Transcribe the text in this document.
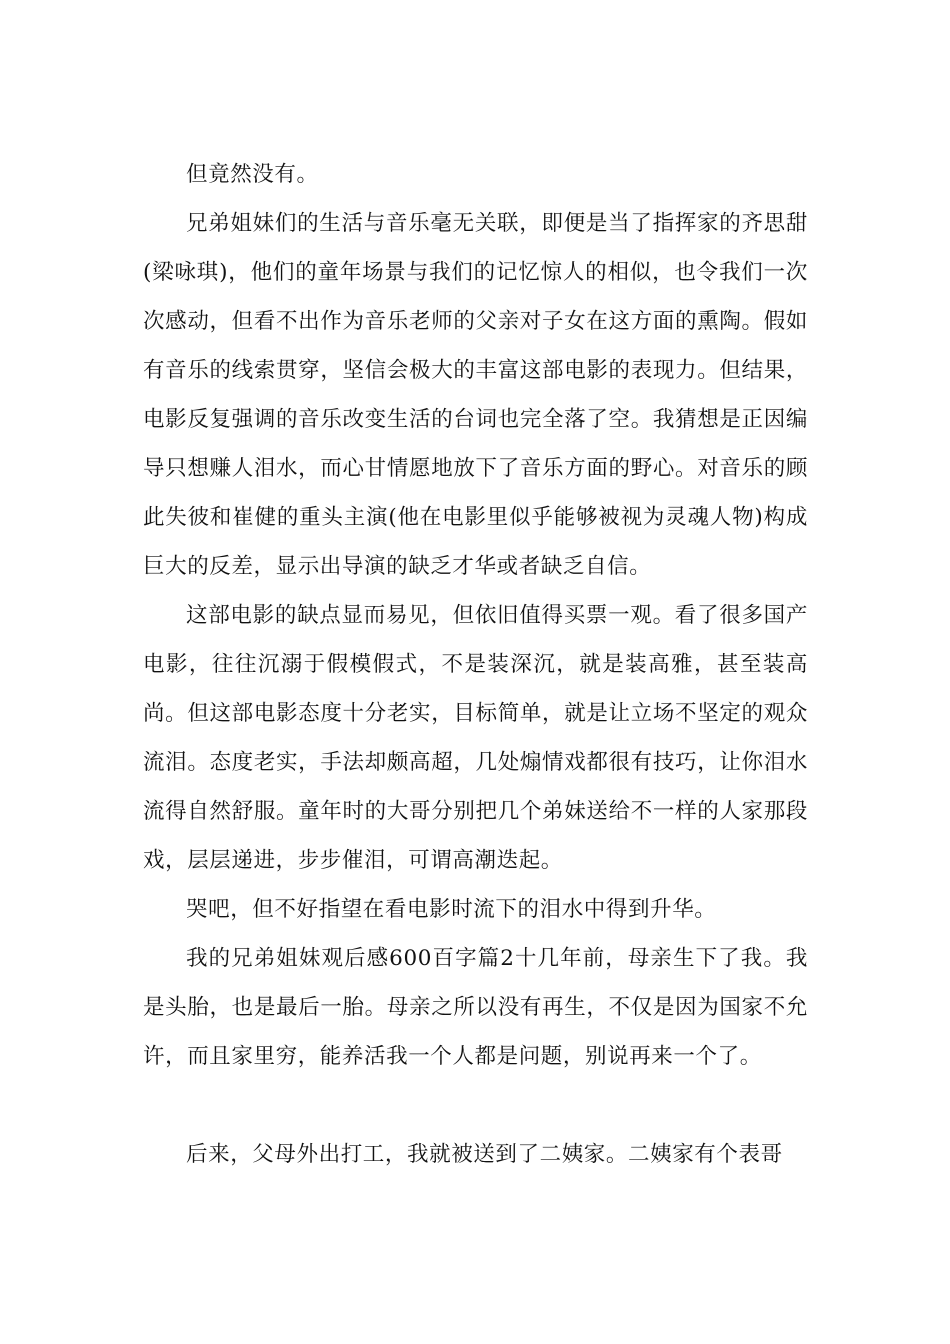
但竟然没有。

兄弟姐妹们的生活与音乐毫无关联，即便是当了指挥家的齐思甜(梁咏琪)，他们的童年场景与我们的记忆惊人的相似，也令我们一次次感动，但看不出作为音乐老师的父亲对子女在这方面的熏陶。假如有音乐的线索贯穿，坚信会极大的丰富这部电影的表现力。但结果，电影反复强调的音乐改变生活的台词也完全落了空。我猜想是正因编导只想赚人泪水，而心甘情愿地放下了音乐方面的野心。对音乐的顾此失彼和崔健的重头主演(他在电影里似乎能够被视为灵魂人物)构成巨大的反差，显示出导演的缺乏才华或者缺乏自信。

这部电影的缺点显而易见，但依旧值得买票一观。看了很多国产电影，往往沉溺于假模假式，不是装深沉，就是装高雅，甚至装高尚。但这部电影态度十分老实，目标简单，就是让立场不坚定的观众流泪。态度老实，手法却颇高超，几处煽情戏都很有技巧，让你泪水流得自然舒服。童年时的大哥分别把几个弟妹送给不一样的人家那段戏，层层递进，步步催泪，可谓高潮迭起。

哭吧，但不好指望在看电影时流下的泪水中得到升华。

我的兄弟姐妹观后感600百字篇2十几年前，母亲生下了我。我是头胎，也是最后一胎。母亲之所以没有再生，不仅是因为国家不允许，而且家里穷，能养活我一个人都是问题，别说再来一个了。

后来，父母外出打工，我就被送到了二姨家。二姨家有个表哥
